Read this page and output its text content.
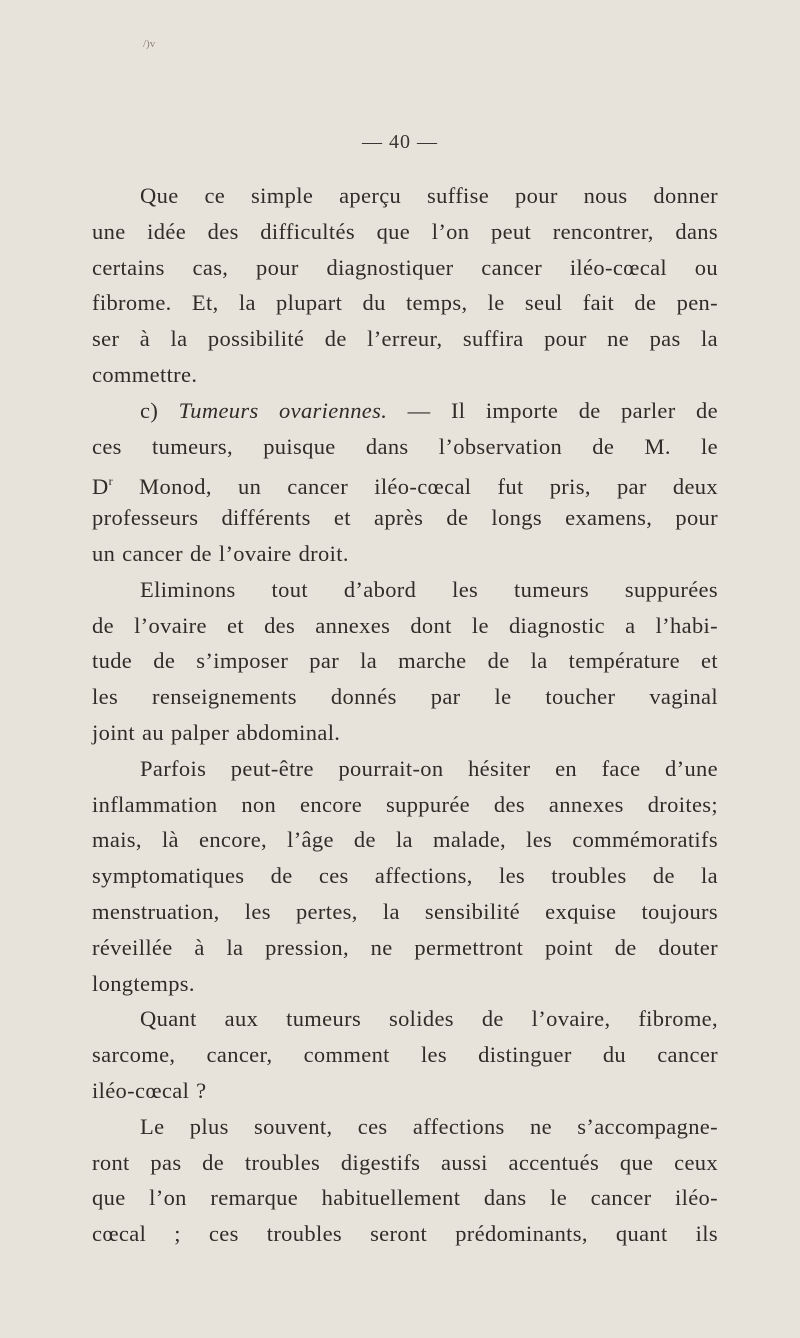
/)v
— 40 —
Que ce simple aperçu suffise pour nous donner
une idée des difficultés que l’on peut rencontrer, dans
certains cas, pour diagnostiquer cancer iléo-cœcal ou
fibrome. Et, la plupart du temps, le seul fait de pen-
ser à la possibilité de l’erreur, suffira pour ne pas la
commettre.
c) Tumeurs ovariennes. — Il importe de parler de
ces tumeurs, puisque dans l’observation de M. le
$D^r$ Monod, un cancer iléo-cœcal fut pris, par deux
professeurs différents et après de longs examens, pour
un cancer de l’ovaire droit.
Eliminons tout d’abord les tumeurs suppurées
de l’ovaire et des annexes dont le diagnostic a l’habi-
tude de s’imposer par la marche de la température et
les renseignements donnés par le toucher vaginal
joint au palper abdominal.
Parfois peut-être pourrait-on hésiter en face d’une
inflammation non encore suppurée des annexes droites;
mais, là encore, l’âge de la malade, les commémoratifs
symptomatiques de ces affections, les troubles de la
menstruation, les pertes, la sensibilité exquise toujours
réveillée à la pression, ne permettront point de douter
longtemps.
Quant aux tumeurs solides de l’ovaire, fibrome,
sarcome, cancer, comment les distinguer du cancer
iléo-cœcal ?
Le plus souvent, ces affections ne s’accompagne-
ront pas de troubles digestifs aussi accentués que ceux
que l’on remarque habituellement dans le cancer iléo-
cœcal ; ces troubles seront prédominants, quant ils
